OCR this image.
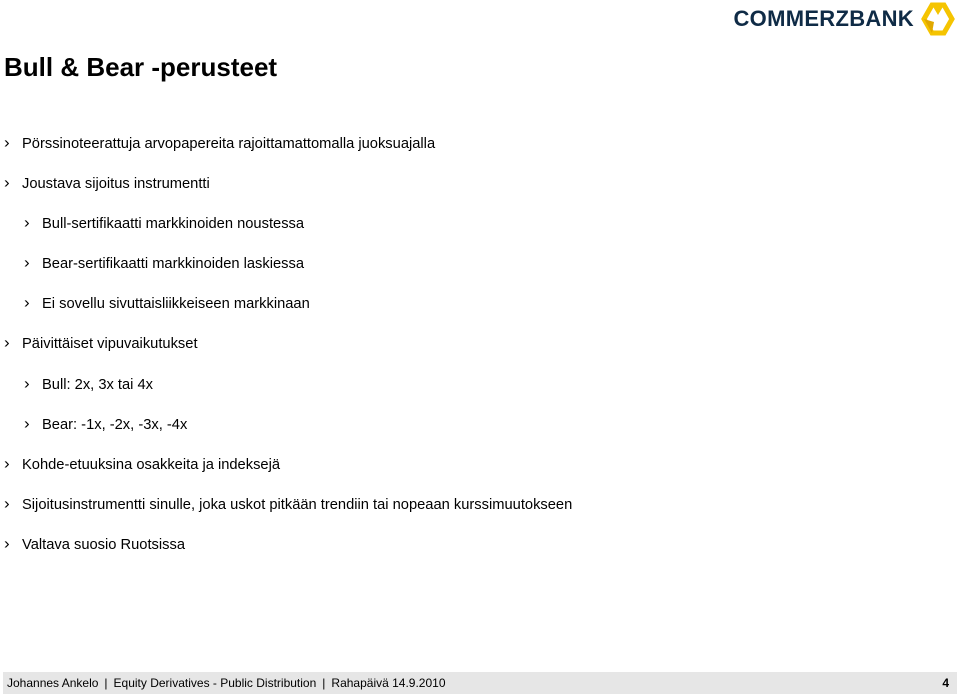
COMMERZBANK
Bull & Bear -perusteet
› Pörssinoteerattuja arvopapereita rajoittamattomalla juoksuajalla
› Joustava sijoitus instrumentti
› Bull-sertifikaatti markkinoiden noustessa
› Bear-sertifikaatti markkinoiden laskiessa
› Ei sovellu sivuttaisliikkeiseen markkinaan
› Päivittäiset vipuvaikutukset
› Bull: 2x, 3x tai 4x
› Bear: -1x, -2x, -3x, -4x
› Kohde-etuuksina osakkeita ja indeksejä
› Sijoitusinstrumentti sinulle, joka uskot pitkään trendiin tai nopeaan kurssimuutokseen
› Valtava suosio Ruotsissa
Johannes Ankelo | Equity Derivatives - Public Distribution | Rahapäivä 14.9.2010	4
